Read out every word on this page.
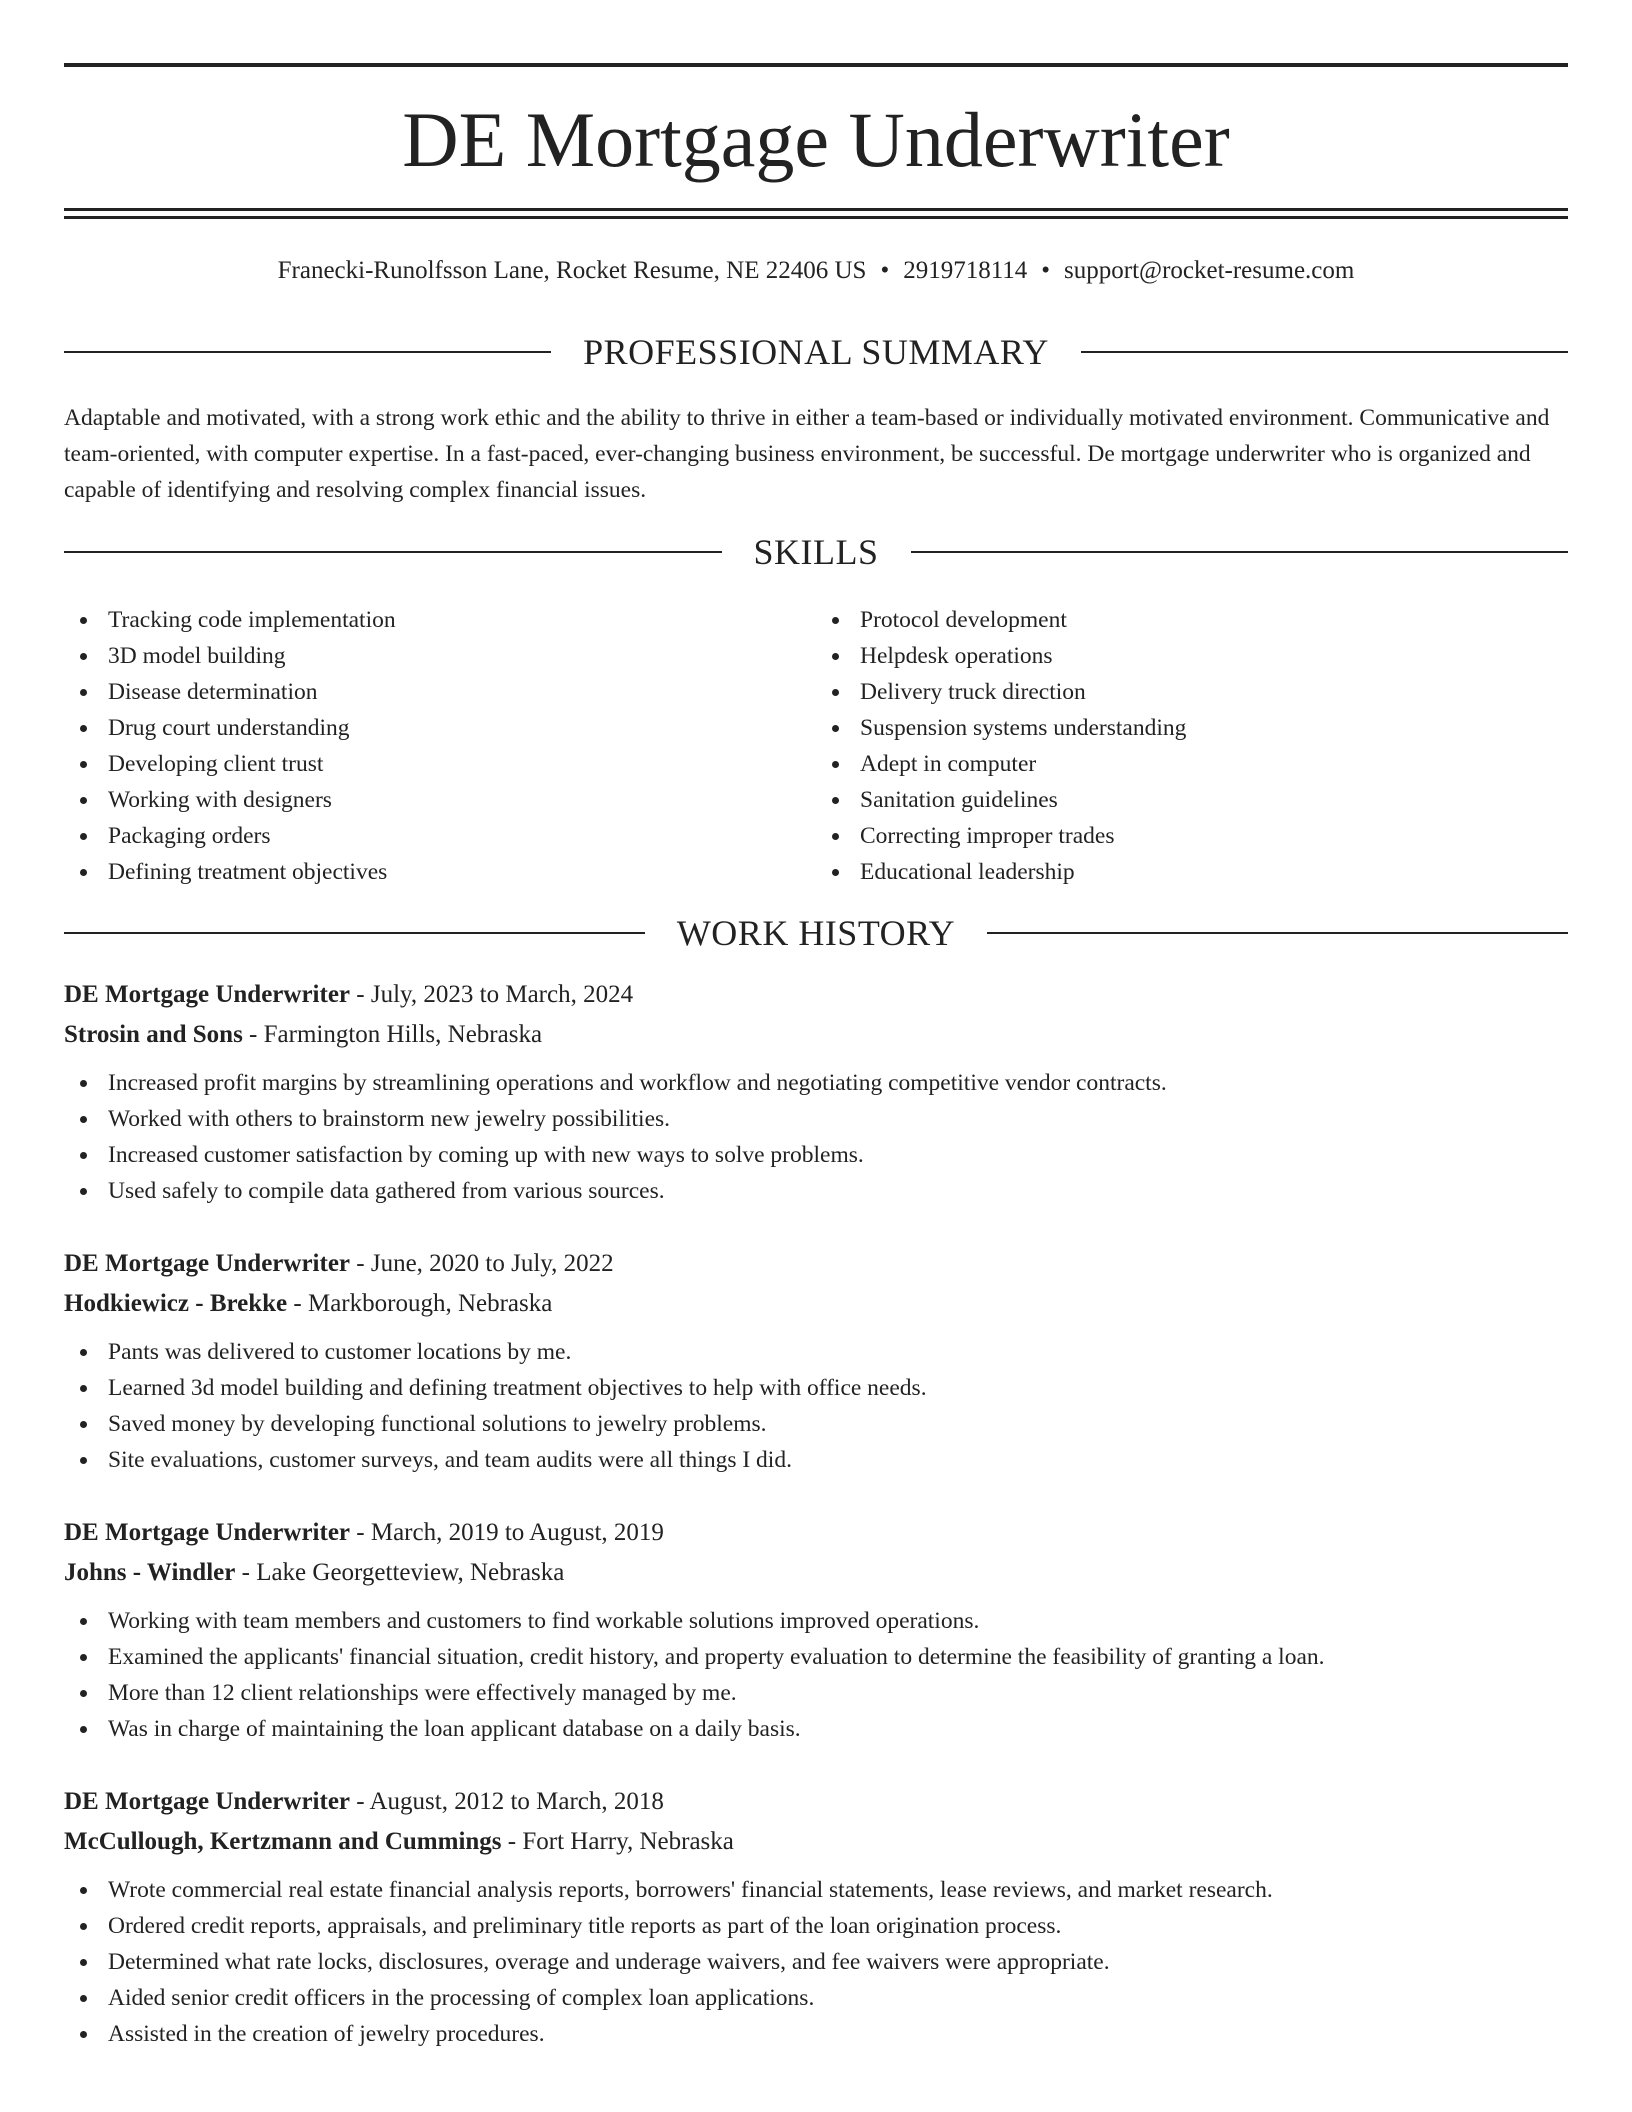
DE Mortgage Underwriter
Franecki-Runolfsson Lane, Rocket Resume, NE 22406 US • 2919718114 • support@rocket-resume.com
PROFESSIONAL SUMMARY

Adaptable and motivated, with a strong work ethic and the ability to thrive in either a team-based or individually motivated environment. Communicative and team-oriented, with computer expertise. In a fast-paced, ever-changing business environment, be successful. De mortgage underwriter who is organized and capable of identifying and resolving complex financial issues.

SKILLS
Tracking code implementation
3D model building
Disease determination
Drug court understanding
Developing client trust
Working with designers
Packaging orders
Defining treatment objectives
Protocol development
Helpdesk operations
Delivery truck direction
Suspension systems understanding
Adept in computer
Sanitation guidelines
Correcting improper trades
Educational leadership
WORK HISTORY
DE Mortgage Underwriter - July, 2023 to March, 2024
Strosin and Sons - Farmington Hills, Nebraska
Increased profit margins by streamlining operations and workflow and negotiating competitive vendor contracts.
Worked with others to brainstorm new jewelry possibilities.
Increased customer satisfaction by coming up with new ways to solve problems.
Used safely to compile data gathered from various sources.
DE Mortgage Underwriter - June, 2020 to July, 2022
Hodkiewicz - Brekke - Markborough, Nebraska
Pants was delivered to customer locations by me.
Learned 3d model building and defining treatment objectives to help with office needs.
Saved money by developing functional solutions to jewelry problems.
Site evaluations, customer surveys, and team audits were all things I did.
DE Mortgage Underwriter - March, 2019 to August, 2019
Johns - Windler - Lake Georgetteview, Nebraska
Working with team members and customers to find workable solutions improved operations.
Examined the applicants' financial situation, credit history, and property evaluation to determine the feasibility of granting a loan.
More than 12 client relationships were effectively managed by me.
Was in charge of maintaining the loan applicant database on a daily basis.
DE Mortgage Underwriter - August, 2012 to March, 2018
McCullough, Kertzmann and Cummings - Fort Harry, Nebraska
Wrote commercial real estate financial analysis reports, borrowers' financial statements, lease reviews, and market research.
Ordered credit reports, appraisals, and preliminary title reports as part of the loan origination process.
Determined what rate locks, disclosures, overage and underage waivers, and fee waivers were appropriate.
Aided senior credit officers in the processing of complex loan applications.
Assisted in the creation of jewelry procedures.
